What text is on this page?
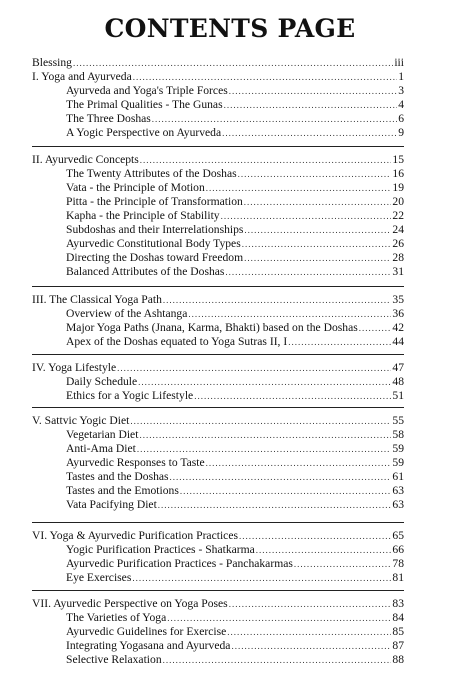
CONTENTS PAGE
Blessing .....	iii
I. Yoga and Ayurveda .....	1
Ayurveda and Yoga's Triple Forces .....	3
The Primal Qualities - The Gunas .....	4
The Three Doshas .....	6
A Yogic Perspective on Ayurveda .....	9
II. Ayurvedic Concepts .....	15
The Twenty Attributes of the Doshas .....	16
Vata - the Principle of Motion .....	19
Pitta - the Principle of Transformation .....	20
Kapha - the Principle of Stability .....	22
Subdoshas and their Interrelationships .....	24
Ayurvedic Constitutional Body Types .....	26
Directing the Doshas toward Freedom .....	28
Balanced Attributes of the Doshas .....	31
III. The Classical Yoga Path .....	35
Overview of the Ashtanga .....	36
Major Yoga Paths (Jnana, Karma, Bhakti) based on the Doshas .....	42
Apex of the Doshas equated to Yoga Sutras II, I .....	44
IV. Yoga Lifestyle .....	47
Daily Schedule .....	48
Ethics for a Yogic Lifestyle .....	51
V. Sattvic Yogic Diet .....	55
Vegetarian Diet .....	58
Anti-Ama Diet .....	59
Ayurvedic Responses to Taste .....	59
Tastes and the Doshas .....	61
Tastes and the Emotions .....	63
Vata Pacifying Diet .....	63
VI. Yoga & Ayurvedic Purification Practices .....	65
Yogic Purification Practices - Shatkarma .....	66
Ayurvedic Purification Practices - Panchakarmas .....	78
Eye Exercises .....	81
VII. Ayurvedic Perspective on Yoga Poses .....	83
The Varieties of Yoga .....	84
Ayurvedic Guidelines for Exercise .....	85
Integrating Yogasana and Ayurveda .....	87
Selective Relaxation .....	88
